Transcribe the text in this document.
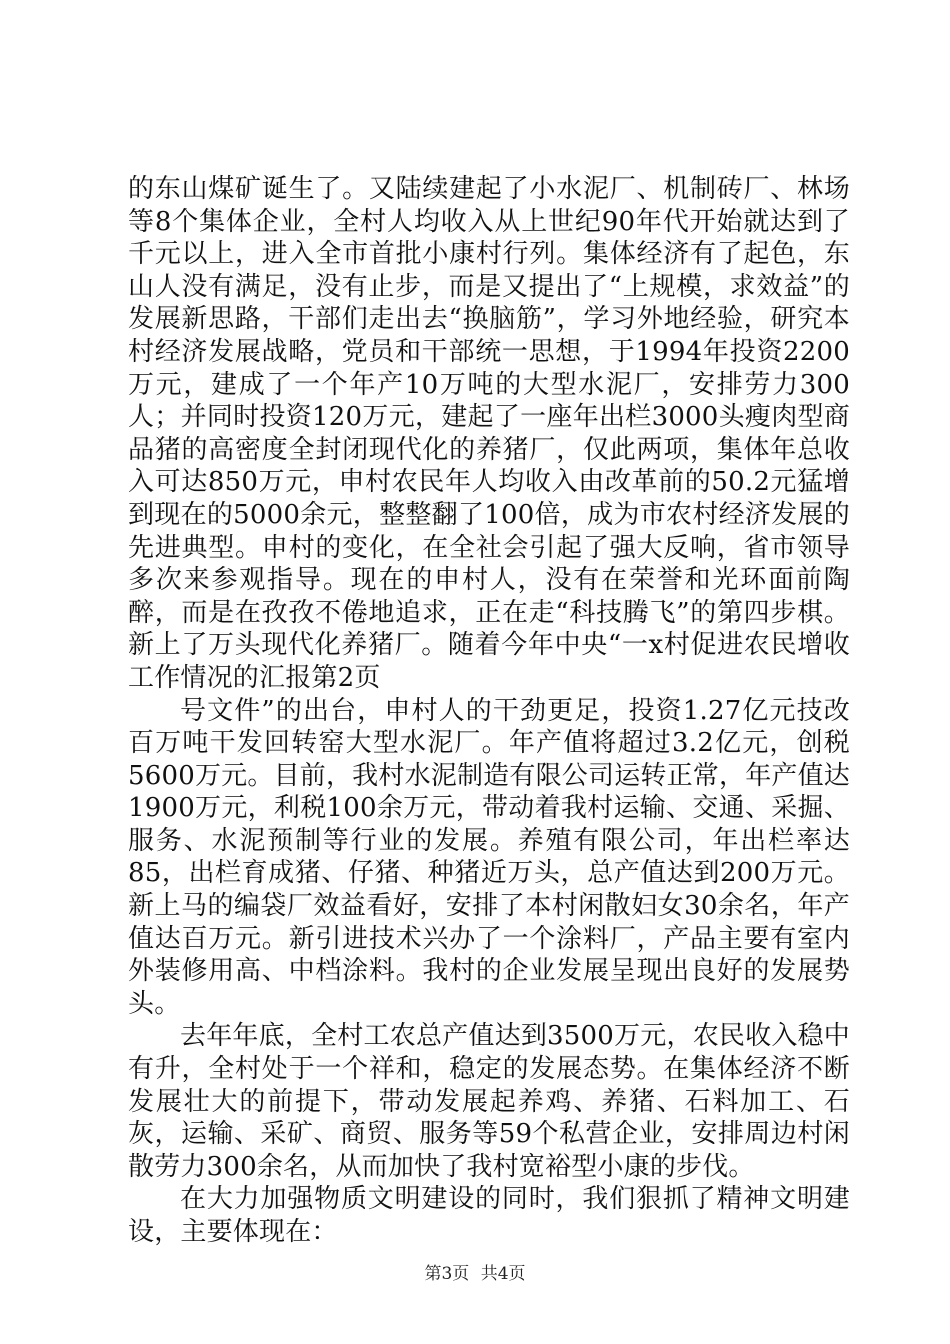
的东山煤矿诞生了。又陆续建起了小水泥厂、机制砖厂、林场等8个集体企业，全村人均收入从上世纪90年代开始就达到了千元以上，进入全市首批小康村行列。集体经济有了起色，东山人没有满足，没有止步，而是又提出了“上规模，求效益”的发展新思路，干部们走出去“换脑筋”，学习外地经验，研究本村经济发展战略，党员和干部统一思想，于1994年投资2200万元，建成了一个年产10万吨的大型水泥厂，安排劳力300人；并同时投资120万元，建起了一座年出栏3000头瘦肉型商品猪的高密度全封闭现代化的养猪厂，仅此两项，集体年总收入可达850万元，申村农民年人均收入由改革前的50.2元猛增到现在的5000余元，整整翻了100倍，成为市农村经济发展的先进典型。申村的变化，在全社会引起了强大反响，省市领导多次来参观指导。现在的申村人，没有在荣誉和光环面前陶醉，而是在孜孜不倦地追求，正在走“科技腾飞”的第四步棋。新上了万头现代化养猪厂。随着今年中央“一x村促进农民增收工作情况的汇报第2页

号文件”的出台，申村人的干劲更足，投资1.27亿元技改百万吨干发回转窑大型水泥厂。年产值将超过3.2亿元，创税5600万元。目前，我村水泥制造有限公司运转正常，年产值达1900万元，利税100余万元，带动着我村运输、交通、采掘、服务、水泥预制等行业的发展。养殖有限公司，年出栏率达85，出栏育成猪、仔猪、种猪近万头，总产值达到200万元。新上马的编袋厂效益看好，安排了本村闲散妇女30余名，年产值达百万元。新引进技术兴办了一个涂料厂，产品主要有室内外装修用高、中档涂料。我村的企业发展呈现出良好的发展势头。

去年年底，全村工农总产值达到3500万元，农民收入稳中有升，全村处于一个祥和，稳定的发展态势。在集体经济不断发展壮大的前提下，带动发展起养鸡、养猪、石料加工、石灰，运输、采矿、商贸、服务等59个私营企业，安排周边村闲散劳力300余名，从而加快了我村宽裕型小康的步伐。

在大力加强物质文明建设的同时，我们狠抓了精神文明建设，主要体现在：

第3页 共4页
